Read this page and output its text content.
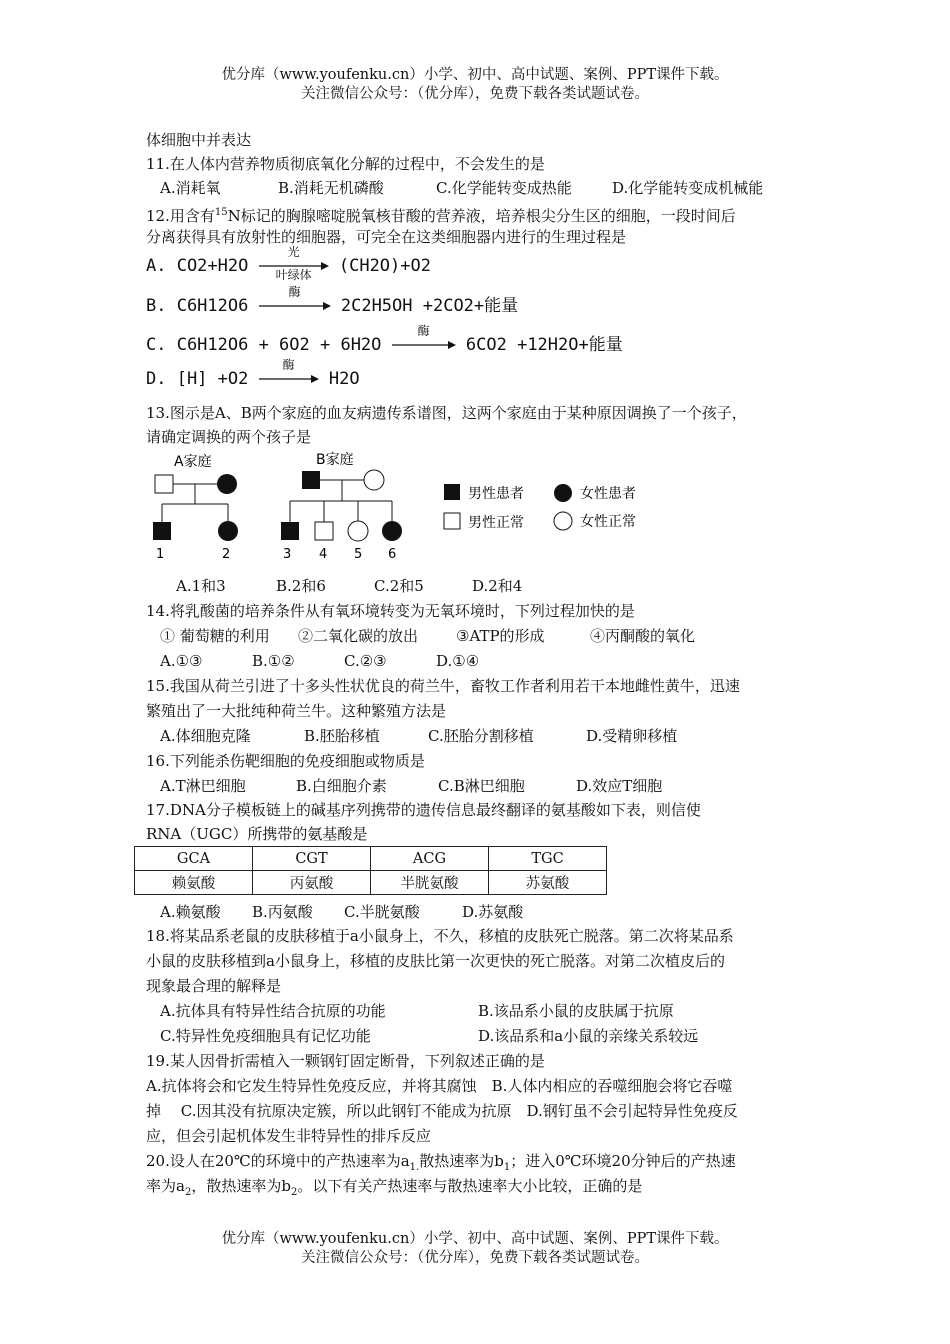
优分库（www.youfenku.cn）小学、初中、高中试题、案例、PPT课件下载。
关注微信公众号：（优分库），免费下载各类试题试卷。
体细胞中并表达
11.在人体内营养物质彻底氧化分解的过程中，不会发生的是
A.消耗氧	B.消耗无机磷酸	C.化学能转变成热能	D.化学能转变成机械能
12.用含有$^{15}$N标记的胸腺嘧啶脱氧核苷酸的营养液，培养根尖分生区的细胞，一段时间后
分离获得具有放射性的细胞器，可完全在这类细胞器内进行的生理过程是
A. CO2+H2O
光
叶绿体	(CH2O)+O2
B. C6H12O6
酶
2C2H5OH +2CO2+能量
C. C6H12O6 + 6O2 + 6H2O
酶
6CO2 +12H2O+能量
D. [H] +O2
酶
H2O
13.图示是A、B两个家庭的血友病遗传系谱图，这两个家庭由于某种原因调换了一个孩子，
请确定调换的两个孩子是
A家庭
1	2
B家庭
3 4 5 6
男性患者	女性患者
男性正常	女性正常
A.1和3	B.2和6	C.2和5	D.2和4
14.将乳酸菌的培养条件从有氧环境转变为无氧环境时，下列过程加快的是
① 葡萄糖的利用 ②二氧化碳的放出	③ATP的形成	④丙酮酸的氧化
A.①③	B.①②	C.②③	D.①④
15.我国从荷兰引进了十多头性状优良的荷兰牛，畜牧工作者利用若干本地雌性黄牛，迅速
繁殖出了一大批纯种荷兰牛。这种繁殖方法是
A.体细胞克隆	B.胚胎移植	C.胚胎分割移植	D.受精卵移植
16.下列能杀伤靶细胞的免疫细胞或物质是
A.T淋巴细胞	B.白细胞介素	C.B淋巴细胞	D.效应T细胞
17.DNA分子模板链上的碱基序列携带的遗传信息最终翻译的氨基酸如下表，则信使
RNA（UGC）所携带的氨基酸是
GCA	CGT	ACG	TGC
赖氨酸	丙氨酸	半胱氨酸	苏氨酸
A.赖氨酸 B.丙氨酸 C.半胱氨酸	D.苏氨酸
18.将某品系老鼠的皮肤移植于a小鼠身上，不久，移植的皮肤死亡脱落。第二次将某品系
小鼠的皮肤移植到a小鼠身上，移植的皮肤比第一次更快的死亡脱落。对第二次植皮后的
现象最合理的解释是
A.抗体具有特异性结合抗原的功能	B.该品系小鼠的皮肤属于抗原
C.特异性免疫细胞具有记忆功能	D.该品系和a小鼠的亲缘关系较远
19.某人因骨折需植入一颗钢钉固定断骨，下列叙述正确的是
A.抗体将会和它发生特异性免疫反应，并将其腐蚀　B.人体内相应的吞噬细胞会将它吞噬
掉　 C.因其没有抗原决定簇，所以此钢钉不能成为抗原　D.钢钉虽不会引起特异性免疫反
应，但会引起机体发生非特异性的排斥反应
20.设人在20℃的环境中的产热速率为$a_{1.}$散热速率为$b_1$；进入0℃环境20分钟后的产热速
率为$a_2$，散热速率为$b_2$。以下有关产热速率与散热速率大小比较，正确的是
优分库（www.youfenku.cn）小学、初中、高中试题、案例、PPT课件下载。
关注微信公众号：（优分库），免费下载各类试题试卷。
